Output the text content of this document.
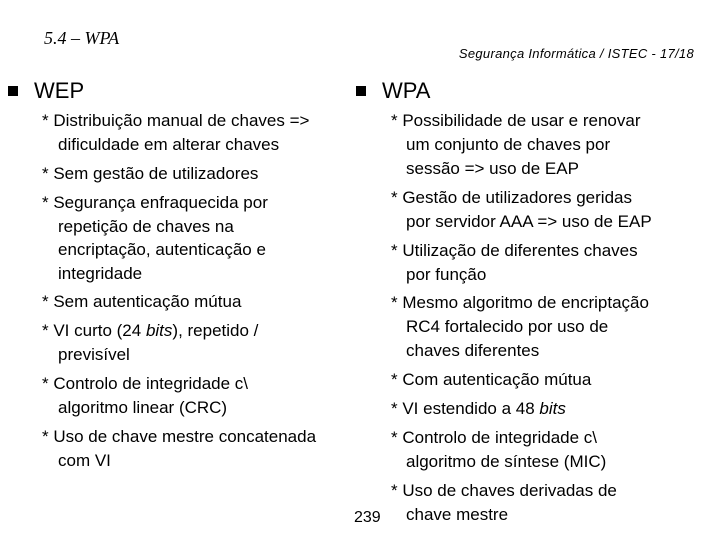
5.4 – WPA
Segurança Informática / ISTEC - 17/18
WEP
* Distribuição manual de chaves =>
dificuldade em alterar chaves
* Sem gestão de utilizadores
* Segurança enfraquecida por
repetição de chaves na
encriptação, autenticação e
integridade
* Sem autenticação mútua
* VI curto (24 bits), repetido /
previsível
* Controlo de integridade c\
algoritmo linear (CRC)
* Uso de chave mestre concatenada
com VI
WPA
* Possibilidade de usar e renovar
um conjunto de chaves por
sessão => uso de EAP
* Gestão de utilizadores geridas
por servidor AAA => uso de EAP
* Utilização de diferentes chaves
por função
* Mesmo algoritmo de encriptação
RC4 fortalecido por uso de
chaves diferentes
* Com autenticação mútua
* VI estendido a 48 bits
* Controlo de integridade c\
algoritmo de síntese (MIC)
* Uso de chaves derivadas de
chave mestre
239
